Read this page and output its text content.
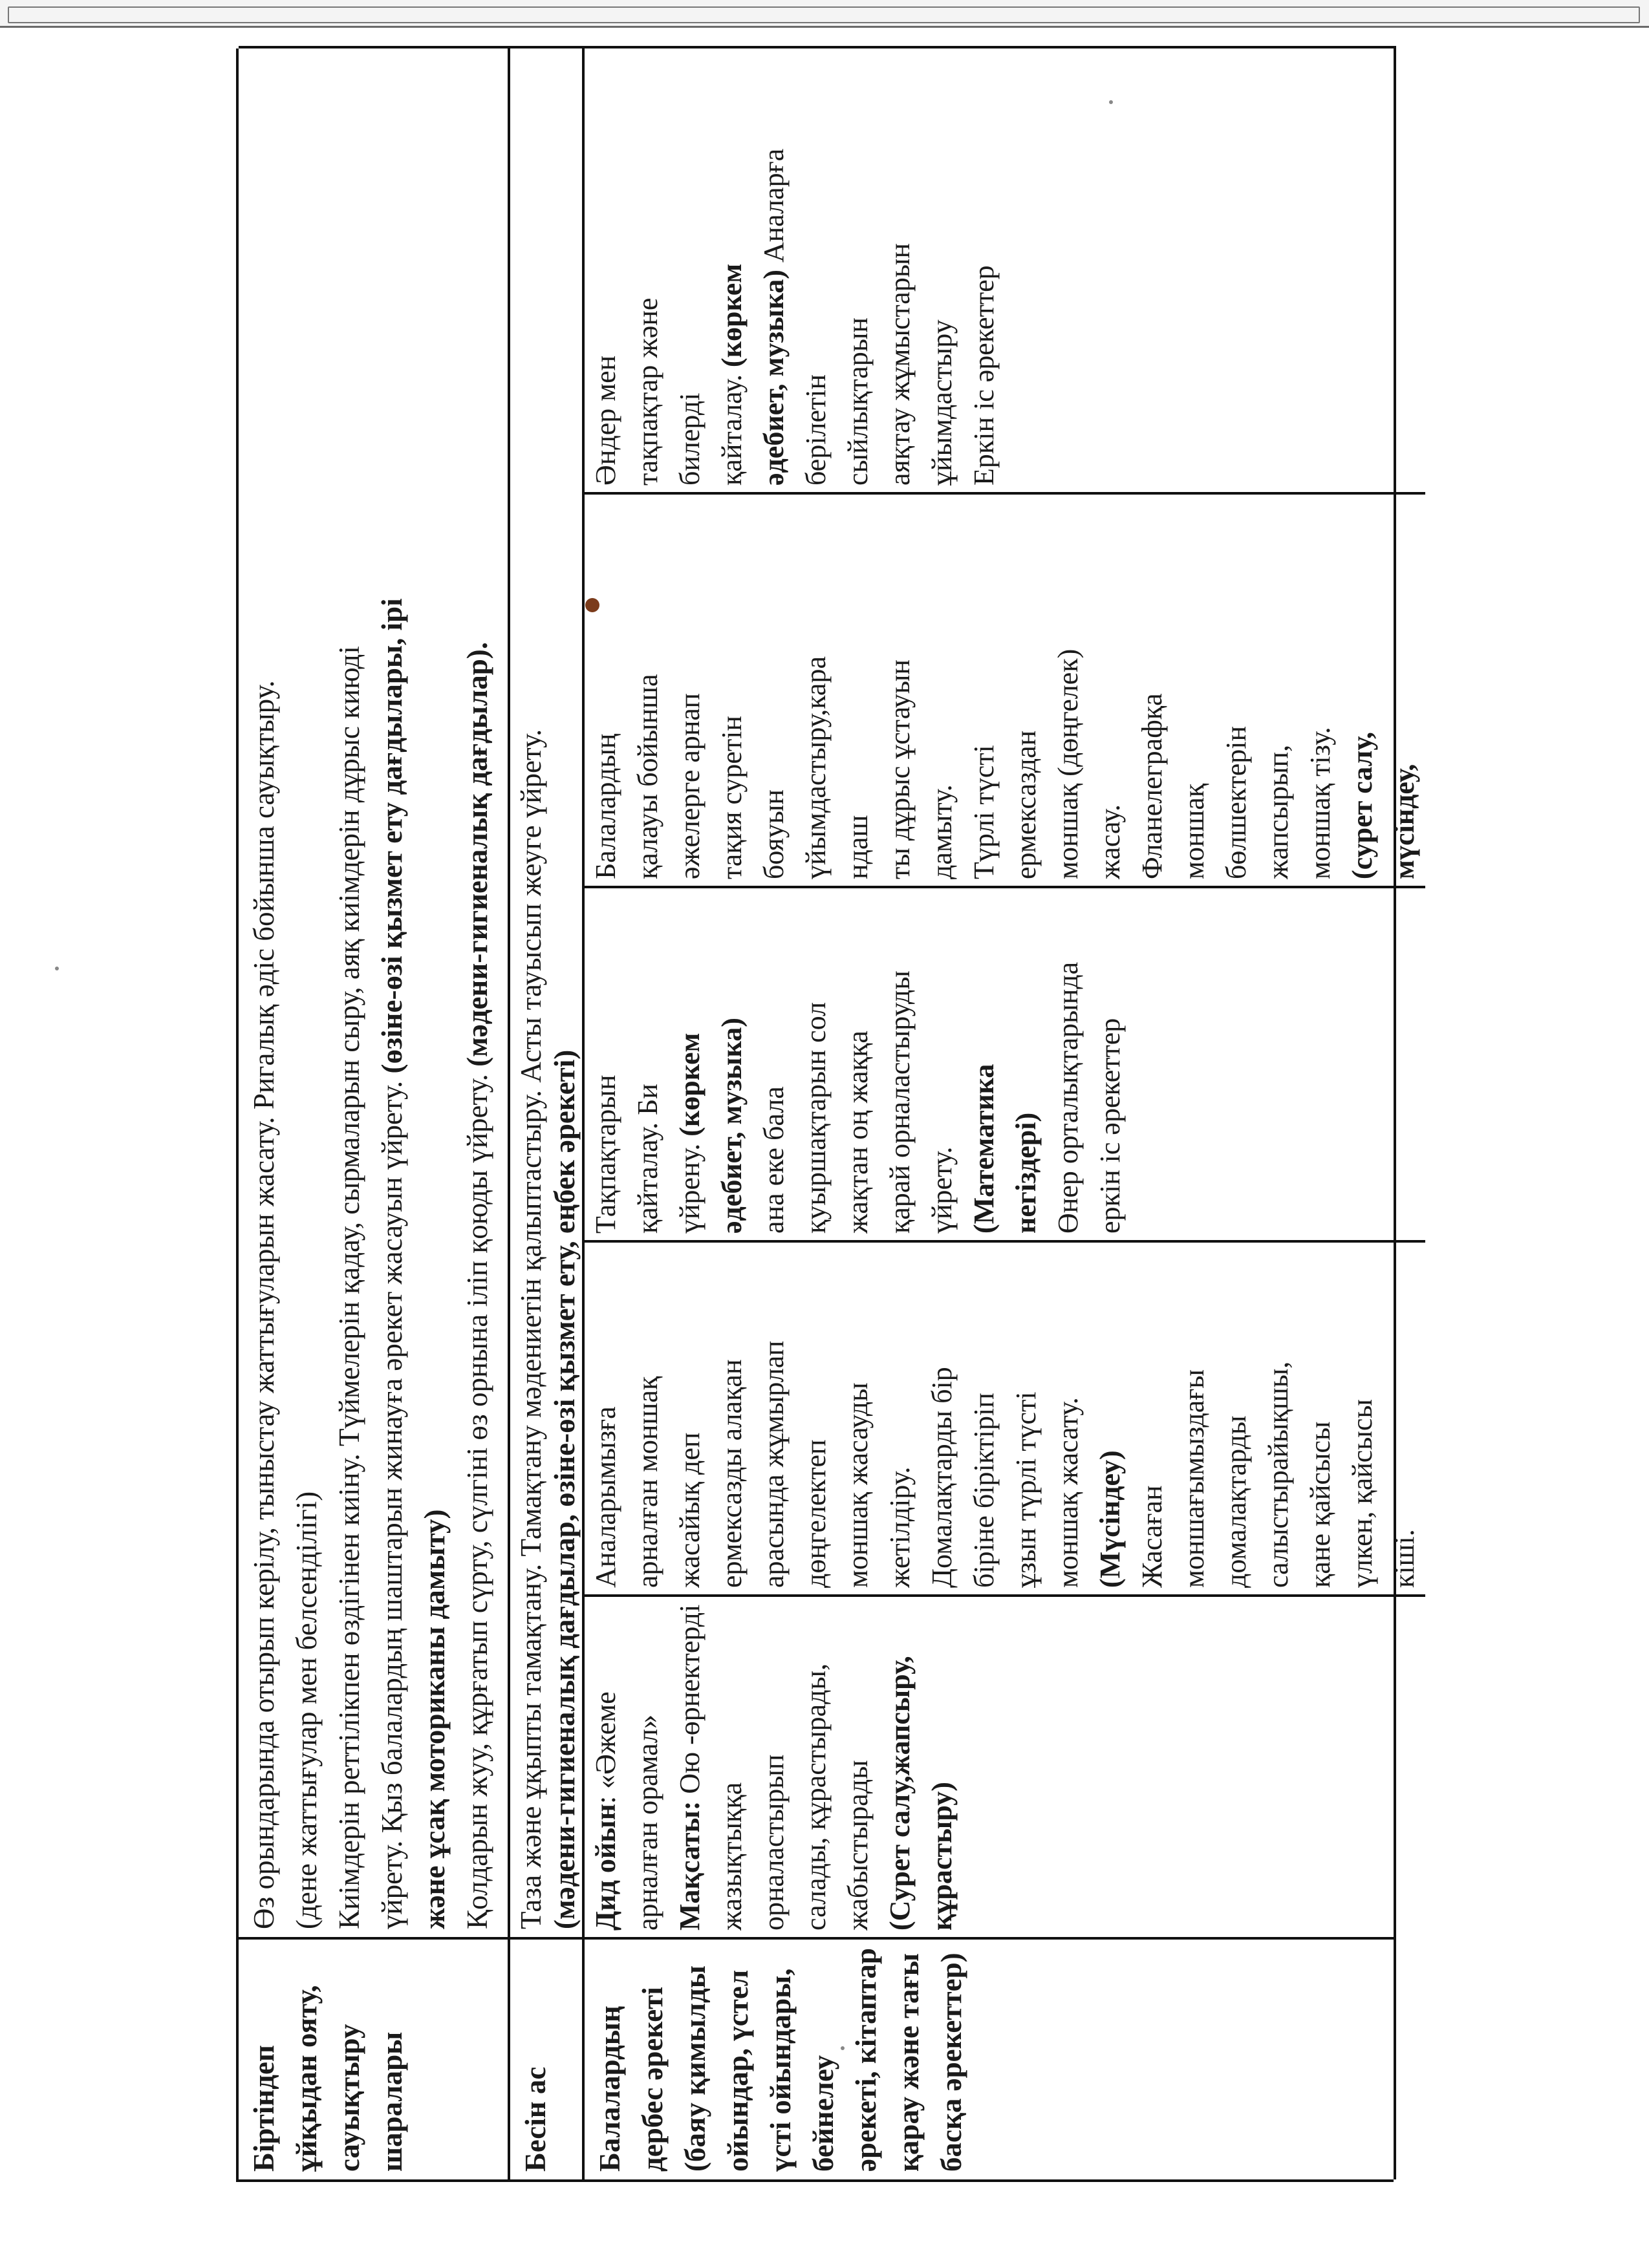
Біртіндеп ұйқыдан ояту, сауықтыру шаралары
Өз орындарында отырып керілу, тыныстау жаттығуларын жасату. Ригалық әдіс бойынша сауықтыру. (дене жаттығулар мен белсенділігі) Киімдерін реттілікпен өздігінен киіну. Түймелерін қадау, сырмаларын сыру, аяқ киімдерін дұрыс киюді үйрету. Қыз балалардың шаштарын жинауға әрекет жасауын үйрету. (өзіне-өзі қызмет ету дағдылары, ірі
және ұсақ моториканы дамыту) Қолдарын жуу, құрғатып сүрту, сүлгіні өз орнына іліп қоюды үйрету. (мәдени-гигиеналық дағдылар).
Бесін ас
Таза және ұқыпты тамақтану. Тамақтану мәдениетін қалыптастыру. Асты тауысып жеуге үйрету. (мәдени-гигиеналық дағдылар, өзіне-өзі қызмет ету, еңбек әрекеті)
Балалардың дербес әрекеті (баяу қимылды ойындар, үстел үсті ойындары, бейнелеу әрекеті, кітаптар қарау және тағы басқа әрекеттер)
Дид ойын: «Әжеме арналған орамал» Мақсаты: Ою -өрнектерді
жазықтыққа орналастырып салады, құрастырады, жабыстырады (Сурет салу,жапсыру, құрастыру)
Аналарымызға арналған моншақ жасайық деп ермексазды алақан арасында жұмырлап дөңгелектеп моншақ жасауды жетілдіру. Домалақтарды бір біріне біріктіріп ұзын түрлі түсті моншақ жасату. (Мүсіндеу) Жасаған моншағымыздағы домалақтарды салыстырайықшы, қане қайсысы үлкен, қайсысы кіші.
Тақпақтарын қайталау. Би үйрену. (көркем әдебиет, музыка) ана еке бала қуыршақтарын сол жақтан оң жаққа қарай орналастыруды үйрету. (Математика негіздері) Өнер орталықтарында еркін іс әрекеттер
Балалардың қалауы бойынша әжелерге арнап тақия суретін бояуын үйымдастыру,кара ндаш ты дұрыс ұстауын дамыту. Түрлі түсті ермексаздан моншақ (дөңгелек) жасау. Фланелеграфқа моншақ бөлшектерін жапсырып, моншақ тізу. (сурет салу, мүсіндеу,
Әндер мен тақпақтар және билерді қайталау. (көркем әдебиет, музыка) Аналарға берілетін сыйлықтарын аяқтау жұмыстарын ұйымдастыру Еркін іс әрекеттер
